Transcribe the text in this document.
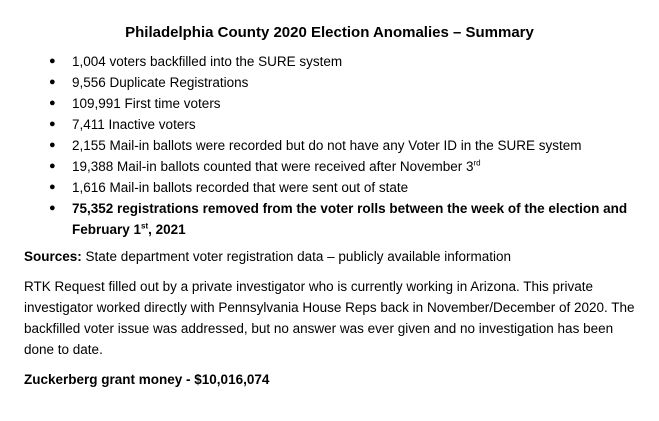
Philadelphia County 2020 Election Anomalies – Summary
● 1,004 voters backfilled into the SURE system
● 9,556 Duplicate Registrations
● 109,991 First time voters
● 7,411 Inactive voters
● 2,155 Mail-in ballots were recorded but do not have any Voter ID in the SURE system
● 19,388 Mail-in ballots counted that were received after November 3rd
● 1,616 Mail-in ballots recorded that were sent out of state
● 75,352 registrations removed from the voter rolls between the week of the election and February 1st, 2021

Sources: State department voter registration data – publicly available information

RTK Request filled out by a private investigator who is currently working in Arizona. This private investigator worked directly with Pennsylvania House Reps back in November/December of 2020. The backfilled voter issue was addressed, but no answer was ever given and no investigation has been done to date.

Zuckerberg grant money - $10,016,074
